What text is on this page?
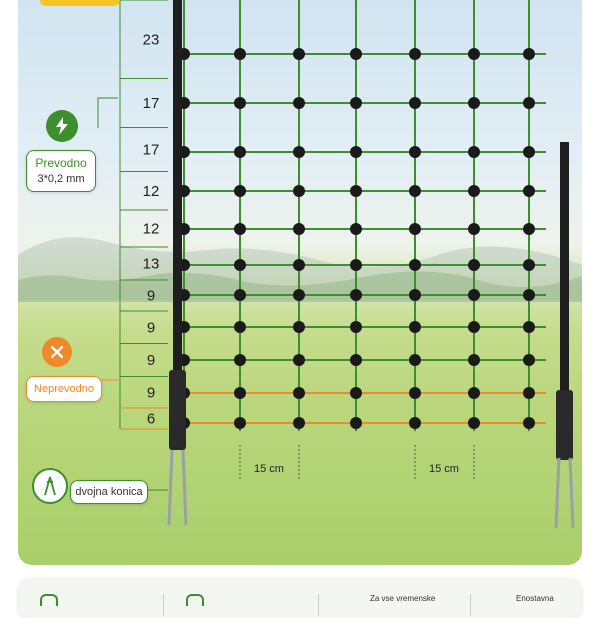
23
17
17
12
12
13
9
9
9
9
6
15 cm	15 cm
Prevodno
3*0,2 mm
Neprevodno
dvojna konica
Za vse vremenske	Enostavna
